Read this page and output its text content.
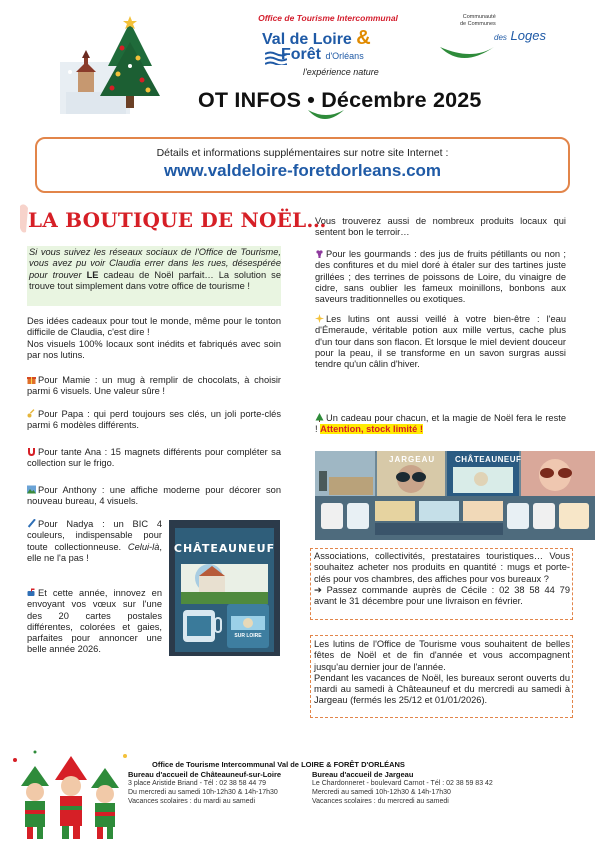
Office de Tourisme Intercommunal
Val de Loire &
Forêt d'Orléans
l'expérience nature
Communauté
de Communes
des Loges
OT INFOS • Décembre 2025
Détails et informations supplémentaires sur notre site Internet :
www.valdeloire-foretdorleans.com
LA BOUTIQUE DE NOËL…
Si vous suivez les réseaux sociaux de l'Office de Tourisme, vous avez pu voir Claudia errer dans les rues, désespérée pour trouver LE cadeau de Noël parfait… La solution se trouve tout simplement dans votre office de tourisme !
Des idées cadeaux pour tout le monde, même pour le tonton difficile de Claudia, c'est dire !
Nos visuels 100% locaux sont inédits et fabriqués avec soin par nos lutins.
Pour Mamie : un mug à remplir de chocolats, à choisir parmi 6 visuels. Une valeur sûre !
Pour Papa : qui perd toujours ses clés, un joli porte-clés parmi 6 modèles différents.
Pour tante Ana : 15 magnets différents pour compléter sa collection sur le frigo.
Pour Anthony : une affiche moderne pour décorer son nouveau bureau, 4 visuels.
Pour Nadya : un BIC 4 couleurs, indispensable pour toute collectionneuse. Celui-là, elle ne l'a pas !
Et cette année, innovez en envoyant vos vœux sur l'une des 20 cartes postales différentes, colorées et gaies, parfaites pour annoncer une belle année 2026.
CHÂTEAUNEUF
SUR LOIRE
Vous trouverez aussi de nombreux produits locaux qui sentent bon le terroir…
Pour les gourmands : des jus de fruits pétillants ou non ; des confitures et du miel doré à étaler sur des tartines juste grillées ; des terrines de poissons de Loire, du vinaigre de cidre, sans oublier les fameux moinillons, bonbons aux saveurs traditionnelles ou exotiques.
Les lutins ont aussi veillé à votre bien-être : l'eau d'Émeraude, véritable potion aux mille vertus, cache plus d'un tour dans son flacon. Et lorsque le miel devient douceur pour la peau, il se transforme en un savon surgras aussi tendre qu'un câlin d'hiver.
Un cadeau pour chacun, et la magie de Noël fera le reste ! Attention, stock limité !
JARGEAU CHÂTEAUNEUF
Associations, collectivités, prestataires touristiques… Vous souhaitez acheter nos produits en quantité : mugs et porte-clés pour vos chambres, des affiches pour vos bureaux ?
➔ Passez commande auprès de Cécile : 02 38 58 44 79 avant le 31 décembre pour une livraison en février.
Les lutins de l'Office de Tourisme vous souhaitent de belles fêtes de Noël et de fin d'année et vous accompagnent jusqu'au dernier jour de l'année.
Pendant les vacances de Noël, les bureaux seront ouverts du mardi au samedi à Châteauneuf et du mercredi au samedi à Jargeau (fermés les 25/12 et 01/01/2026).
Office de Tourisme Intercommunal Val de LOIRE & FORÊT D'ORLÉANS
Bureau d'accueil de Châteauneuf-sur-Loire
3 place Aristide Briand - Tél : 02 38 58 44 79
Du mercredi au samedi 10h-12h30 & 14h-17h30
Vacances scolaires : du mardi au samedi
Bureau d'accueil de Jargeau
Le Chardonneret - boulevard Carnot - Tél : 02 38 59 83 42
Mercredi au samedi 10h-12h30 & 14h-17h30
Vacances scolaires : du mercredi au samedi
